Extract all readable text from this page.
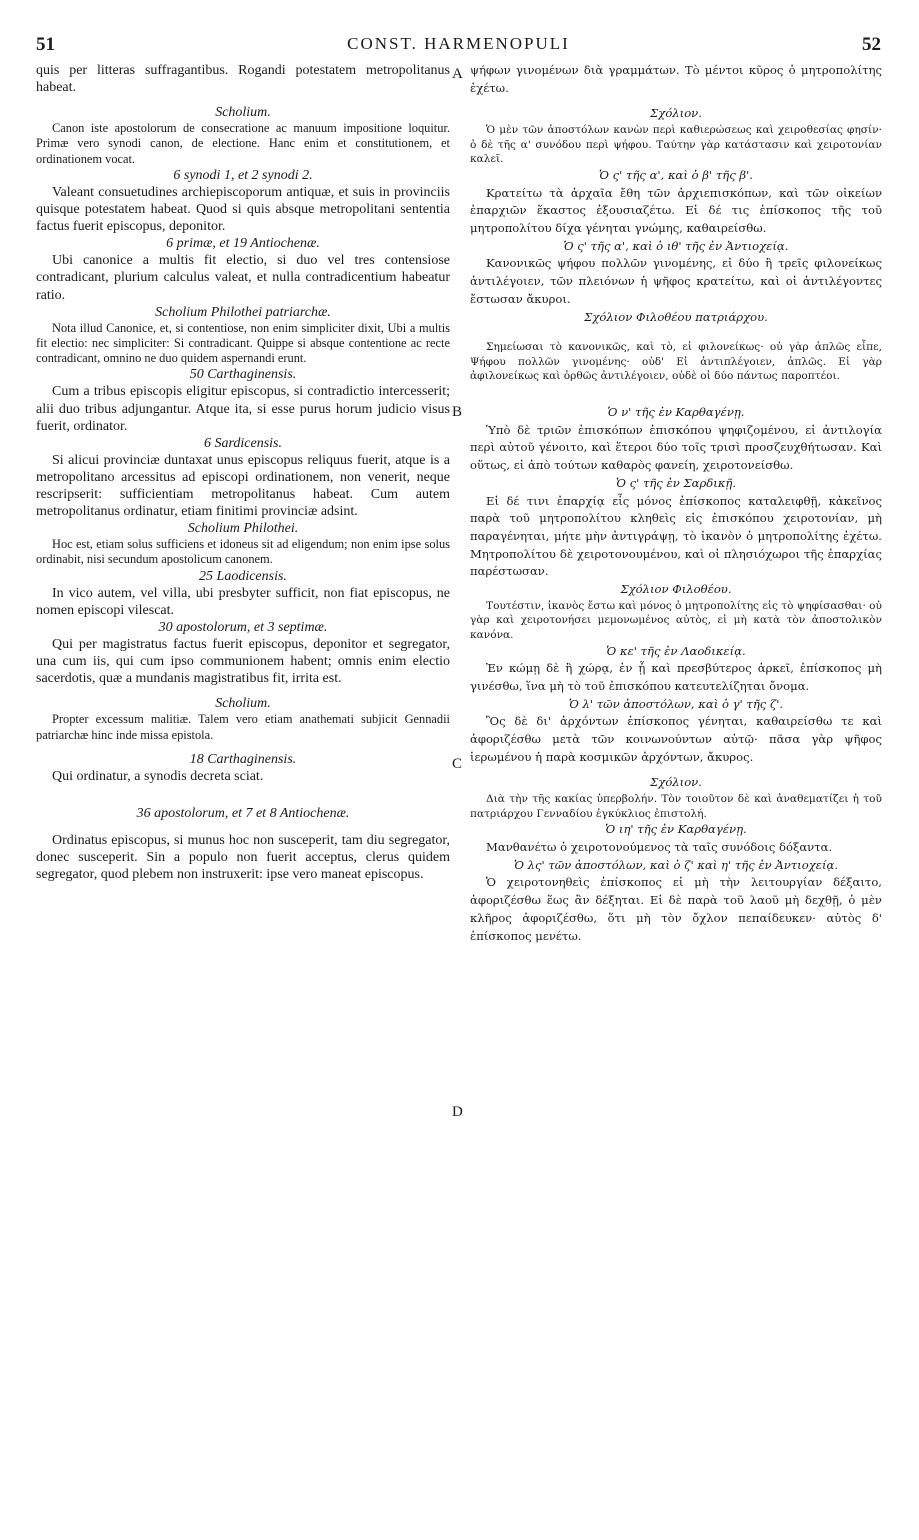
51	CONST. HARMENOPULI	52
A
B
C
D

quis per litteras suffragantibus. Rogandi potestatem metropolitanus habeat.

Scholium.

Canon iste apostolorum de consecratione ac manuum impositione loquitur. Primæ vero synodi canon, de electione. Hanc enim et constitutionem, et ordinationem vocat.

6 synodi 1, et 2 synodi 2.

Valeant consuetudines archiepiscoporum antiquæ, et suis in provinciis quisque potestatem habeat. Quod si quis absque metropolitani sententia factus fuerit episcopus, deponitor.

6 primæ, et 19 Antiochenæ.

Ubi canonice a multis fit electio, si duo vel tres contensiose contradicant, plurium calculus valeat, et nulla contradicentium habeatur ratio.

Scholium Philothei patriarchæ.

Nota illud Canonice, et, si contentiose, non enim simpliciter dixit, Ubi a multis fit electio: nec simpliciter: Si contradicant. Quippe si absque contentione ac recte contradicant, omnino ne duo quidem aspernandi erunt.

50 Carthaginensis.

Cum a tribus episcopis eligitur episcopus, si contradictio intercesserit; alii duo tribus adjungantur. Atque ita, si esse purus horum judicio visus fuerit, ordinator.

6 Sardicensis.

Si alicui provinciæ duntaxat unus episcopus reliquus fuerit, atque is a metropolitano arcessitus ad episcopi ordinationem, non venerit, neque rescripserit: sufficientiam metropolitanus habeat. Cum autem metropolitanus ordinatur, etiam finitimi provinciæ adsint.

Scholium Philothei.

Hoc est, etiam solus sufficiens et idoneus sit ad eligendum; non enim ipse solus ordinabit, nisi secundum apostolicum canonem.

25 Laodicensis.

In vico autem, vel villa, ubi presbyter sufficit, non fiat episcopus, ne nomen episcopi vilescat.

30 apostolorum, et 3 septimæ.

Qui per magistratus factus fuerit episcopus, deponitor et segregator, una cum iis, qui cum ipso communionem habent; omnis enim electio sacerdotis, quæ a mundanis magistratibus fit, irrita est.

Scholium.

Propter excessum malitiæ. Talem vero etiam anathemati subjicit Gennadii patriarchæ hinc inde missa epistola.

18 Carthaginensis.

Qui ordinatur, a synodis decreta sciat.

36 apostolorum, et 7 et 8 Antiochenæ.

Ordinatus episcopus, si munus hoc non susceperit, tam diu segregator, donec susceperit. Sin a populo non fuerit acceptus, clerus quidem segregator, quod plebem non instruxerit: ipse vero maneat episcopus.

ψήφων γινομένων διὰ γραμμάτων. Τὸ μέντοι κῦρος ὁ μητροπολίτης ἐχέτω.

Σχόλιον.

Ὁ μὲν τῶν ἀποστόλων κανὼν περὶ καθιερώσεως καὶ χειροθεσίας φησίν· ὁ δὲ τῆς α' συνόδου περὶ ψήφου. Ταύτην γὰρ κατάστασιν καὶ χειροτονίαν καλεῖ.

Ὁ ς' τῆς α', καὶ ὁ β' τῆς β'.

Κρατείτω τὰ ἀρχαῖα ἔθη τῶν ἀρχιεπισκόπων, καὶ τῶν οἰκείων ἐπαρχιῶν ἕκαστος ἐξουσιαζέτω. Εἰ δέ τις ἐπίσκοπος τῆς τοῦ μητροπολίτου δίχα γένηται γνώμης, καθαιρείσθω.

Ὁ ς' τῆς α', καὶ ὁ ιθ' τῆς ἐν Ἀντιοχείᾳ.

Κανονικῶς ψήφου πολλῶν γινομένης, εἰ δύο ἢ τρεῖς φιλονείκως ἀντιλέγοιεν, τῶν πλειόνων ἡ ψῆφος κρατείτω, καὶ οἱ ἀντιλέγοντες ἔστωσαν ἄκυροι.

Σχόλιον Φιλοθέου πατριάρχου.

Σημείωσαι τὸ κανονικῶς, καὶ τὸ, εἰ φιλονείκως· οὐ γὰρ ἁπλῶς εἶπε, Ψήφου πολλῶν γινομένης· οὐδ' Εἰ ἀντιπλέγοιεν, ἁπλῶς. Εἰ γὰρ ἀφιλονείκως καὶ ὀρθῶς ἀντιλέγοιεν, οὐδὲ οἱ δύο πάντως παροπτέοι.

Ὁ ν' τῆς ἐν Καρθαγένῃ.

Ὑπὸ δὲ τριῶν ἐπισκόπων ἐπισκόπου ψηφιζομένου, εἰ ἀντιλογία περὶ αὐτοῦ γένοιτο, καὶ ἕτεροι δύο τοῖς τρισὶ προσζευχθήτωσαν. Καὶ οὕτως, εἰ ἀπὸ τούτων καθαρὸς φανείη, χειροτονείσθω.

Ὁ ς' τῆς ἐν Σαρδικῇ.

Εἰ δέ τινι ἐπαρχίᾳ εἷς μόνος ἐπίσκοπος καταλειφθῇ, κἀκεῖνος παρὰ τοῦ μητροπολίτου κληθεὶς εἰς ἐπισκόπου χειροτονίαν, μὴ παραγένηται, μήτε μὴν ἀντιγράψῃ, τὸ ἱκανὸν ὁ μητροπολίτης ἐχέτω. Μητροπολίτου δὲ χειροτονουμένου, καὶ οἱ πλησιόχωροι τῆς ἐπαρχίας παρέστωσαν.

Σχόλιον Φιλοθέου.

Τουτέστιν, ἱκανὸς ἔστω καὶ μόνος ὁ μητροπολίτης εἰς τὸ ψηφίσασθαι· οὐ γὰρ καὶ χειροτονήσει μεμονωμένος αὐτὸς, εἰ μὴ κατὰ τὸν ἀποστολικὸν κανόνα.

Ὁ κε' τῆς ἐν Λαοδικείᾳ.

Ἐν κώμῃ δὲ ἢ χώρᾳ, ἐν ᾗ καὶ πρεσβύτερος ἀρκεῖ, ἐπίσκοπος μὴ γινέσθω, ἵνα μὴ τὸ τοῦ ἐπισκόπου κατευτελίζηται ὄνομα.

Ὁ λ' τῶν ἀποστόλων, καὶ ὁ γ' τῆς ζ'.

Ὃς δὲ δι' ἀρχόντων ἐπίσκοπος γένηται, καθαιρείσθω τε καὶ ἀφοριζέσθω μετὰ τῶν κοινωνούντων αὐτῷ· πᾶσα γὰρ ψῆφος ἱερωμένου ἡ παρὰ κοσμικῶν ἀρχόντων, ἄκυρος.

Σχόλιον.

Διὰ τὴν τῆς κακίας ὑπερβολήν. Τὸν τοιοῦτον δὲ καὶ ἀναθεματίζει ἡ τοῦ πατριάρχου Γενναδίου ἐγκύκλιος ἐπιστολή.

Ὁ ιη' τῆς ἐν Καρθαγένῃ.

Μανθανέτω ὁ χειροτονούμενος τὰ ταῖς συνόδοις δόξαντα.

Ὁ λς' τῶν ἀποστόλων, καὶ ὁ ζ' καὶ η' τῆς ἐν Ἀντιοχείᾳ.

Ὁ χειροτονηθεὶς ἐπίσκοπος εἰ μὴ τὴν λειτουργίαν δέξαιτο, ἀφοριζέσθω ἕως ἂν δέξηται. Εἰ δὲ παρὰ τοῦ λαοῦ μὴ δεχθῇ, ὁ μὲν κλῆρος ἀφοριζέσθω, ὅτι μὴ τὸν ὄχλον πεπαίδευκεν· αὐτὸς δ' ἐπίσκοπος μενέτω.
